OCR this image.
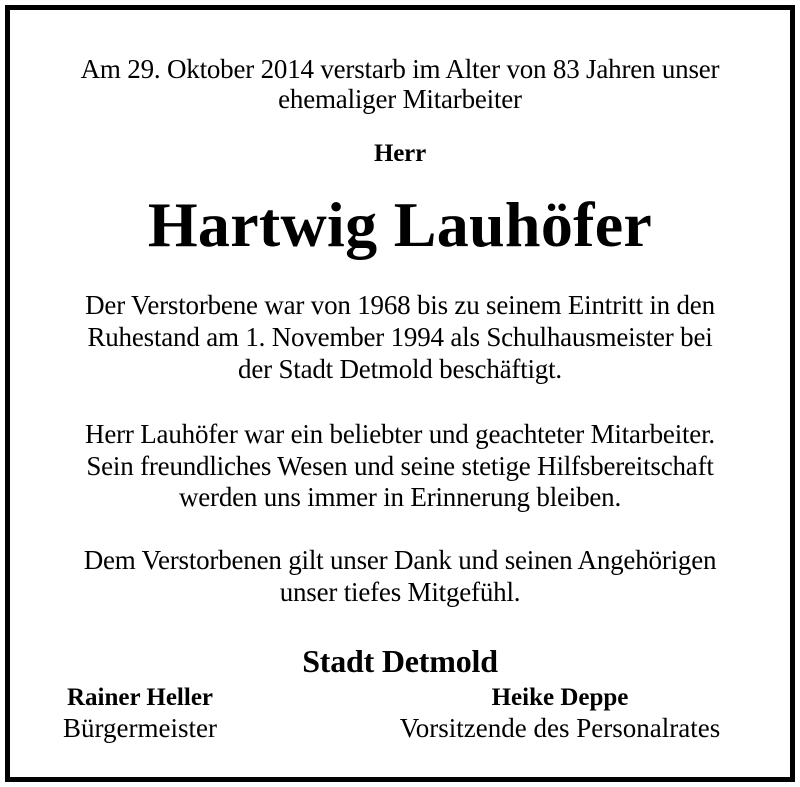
Am 29. Oktober 2014 verstarb im Alter von 83 Jahren unser
ehemaliger Mitarbeiter
Herr
Hartwig Lauhöfer
Der Verstorbene war von 1968 bis zu seinem Eintritt in den
Ruhestand am 1. November 1994 als Schulhausmeister bei
der Stadt Detmold beschäftigt.
Herr Lauhöfer war ein beliebter und geachteter Mitarbeiter.
Sein freundliches Wesen und seine stetige Hilfsbereitschaft
werden uns immer in Erinnerung bleiben.
Dem Verstorbenen gilt unser Dank und seinen Angehörigen
unser tiefes Mitgefühl.
Stadt Detmold
Rainer Heller
Bürgermeister
Heike Deppe
Vorsitzende des Personalrates
